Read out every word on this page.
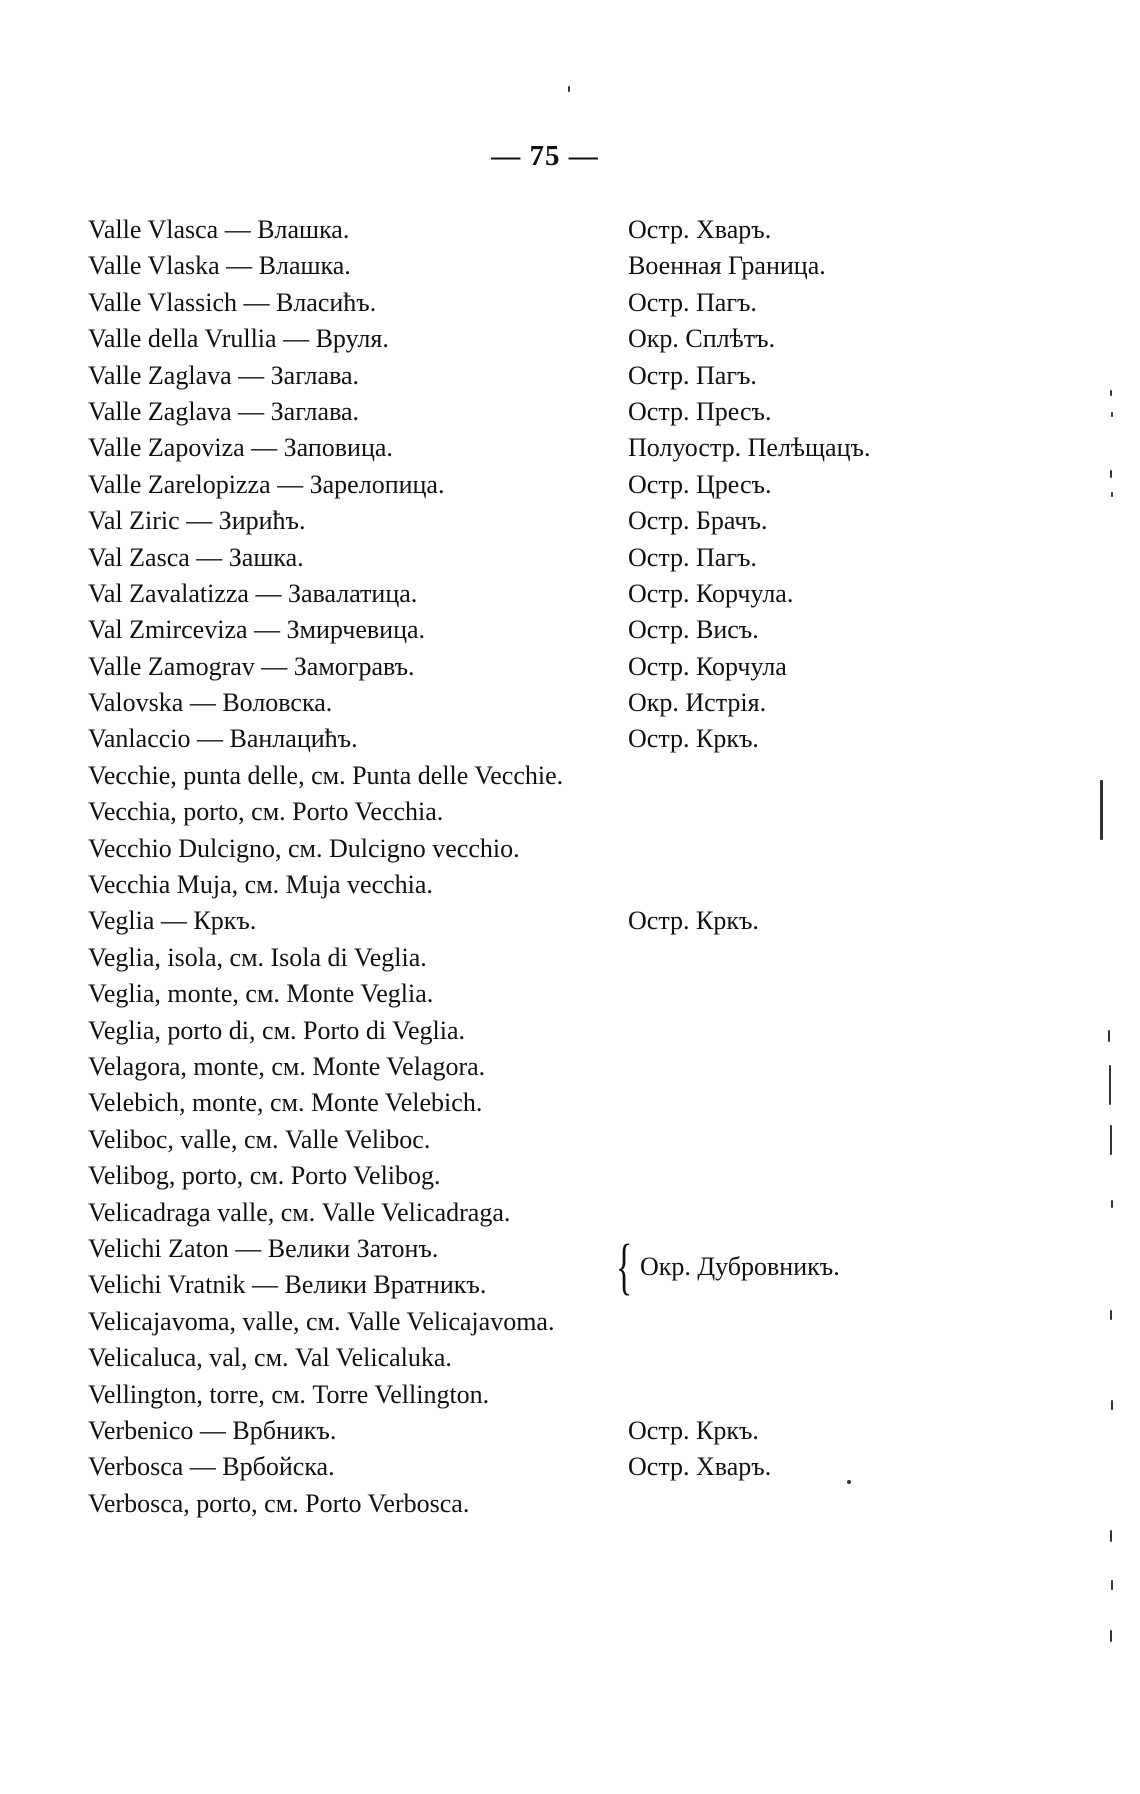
— 75 —
Valle Vlasca — Влашка.	Остр. Хваръ.
Valle Vlaska — Влашка.	Военная Граница.
Valle Vlassich — Власићъ.	Остр. Пагъ.
Valle della Vrullia — Вруля.	Окр. Сплѣтъ.
Valle Zaglava — Заглава.	Остр. Пагъ.
Valle Zaglava — Заглава.	Остр. Пресъ.
Valle Zapoviza — Заповица.	Полуостр. Пелѣщацъ.
Valle Zarelopizza — Зарелопица.	Остр. Цресъ.
Val Ziric — Зирићъ.	Остр. Брачъ.
Val Zasca — Зашка.	Остр. Пагъ.
Val Zavalatizza — Завалатица.	Остр. Корчула.
Val Zmirceviza — Змирчевица.	Остр. Висъ.
Valle Zamograv — Замогравъ.	Остр. Корчула
Valovska — Воловска.	Окр. Истрія.
Vanlaccio — Ванлацићъ.	Остр. Кркъ.
Vecchie, punta delle, см. Punta delle Vecchie.
Vecchia, porto, см. Porto Vecchia.
Vecchio Dulcigno, см. Dulcigno vecchio.
Vecchia Muja, см. Muja vecchia.
Veglia — Кркъ.	Остр. Кркъ.
Veglia, isola, см. Isola di Veglia.
Veglia, monte, см. Monte Veglia.
Veglia, porto di, см. Porto di Veglia.
Velagora, monte, см. Monte Velagora.
Velebich, monte, см. Monte Velebich.
Veliboc, valle, см. Valle Veliboc.
Velibog, porto, см. Porto Velibog.
Velicadraga valle, см. Valle Velicadraga.
Velichi Zaton — Велики Затонъ.
Velichi Vratnik — Велики Вратникъ. { Окр. Дубровникъ.
Velicajavoma, valle, см. Valle Velicajavoma.
Velicaluca, val, см. Val Velicaluka.
Vellington, torre, см. Torre Vellington.
Verbenico — Врбникъ.	Остр. Кркъ.
Verbosca — Врбойска.	Остр. Хваръ.
Verbosca, porto, см. Porto Verbosca.
